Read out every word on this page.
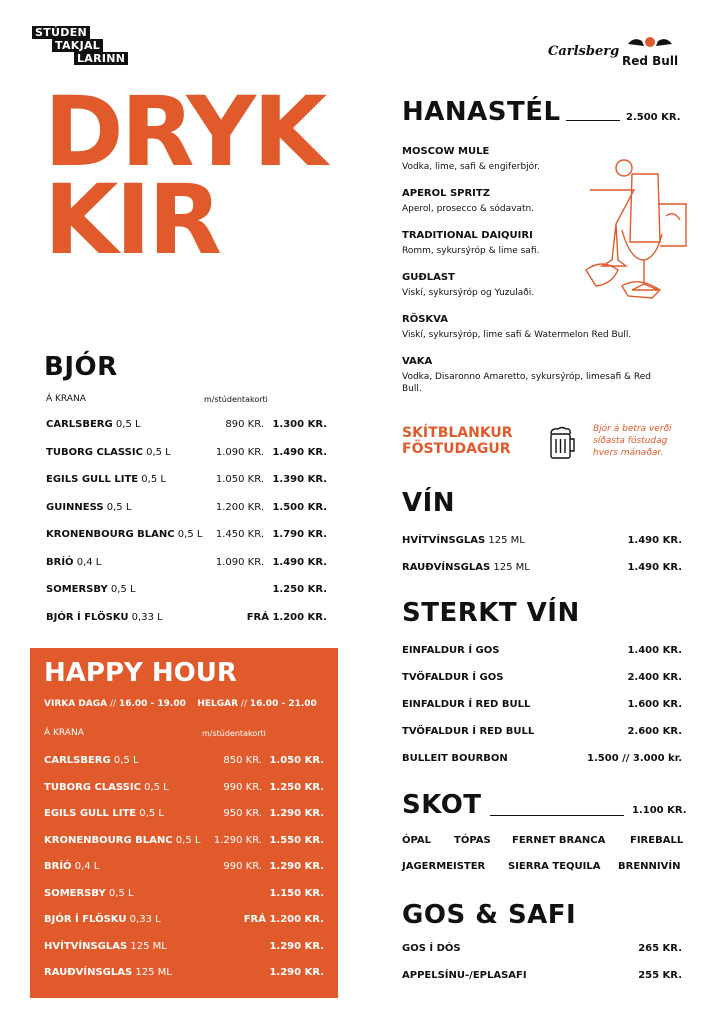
STÚDEN
TAKJAL
LARINN	Carlsberg
Red Bull
DRYK
KIR
BJÓR
Á KRANA	m/stúdentakorti
CARLSBERG 0,5 L	890 KR. 1.300 KR.
TUBORG CLASSIC 0,5 L	1.090 KR. 1.490 KR.
EGILS GULL LITE 0,5 L	1.050 KR. 1.390 KR.
GUINNESS 0,5 L	1.200 KR. 1.500 KR.
KRONENBOURG BLANC 0,5 L 1.450 KR. 1.790 KR.
BRÍÓ 0,4 L	1.090 KR. 1.490 KR.
SOMERSBY 0,5 L	1.250 KR.
BJÓR Í FLÖSKU 0,33 L	FRÁ 1.200 KR.
HAPPY HOUR
VIRKA DAGA // 16.00 - 19.00 HELGAR // 16.00 - 21.00
Á KRANA	m/stúdentakorti
CARLSBERG 0,5 L	850 KR. 1.050 KR.
TUBORG CLASSIC 0,5 L	990 KR. 1.250 KR.
EGILS GULL LITE 0,5 L	950 KR. 1.290 KR.
KRONENBOURG BLANC 0,5 L 1.290 KR. 1.550 KR.
BRÍÓ 0,4 L	990 KR. 1.290 KR.
SOMERSBY 0,5 L	1.150 KR.
BJÓR Í FLÖSKU 0,33 L	FRÁ 1.200 KR.
HVÍTVÍNSGLAS 125 ML	1.290 KR.
RAUÐVÍNSGLAS 125 ML	1.290 KR.
HANASTÉL	2.500 KR.
MOSCOW MULE
Vodka, lime, safi & engiferbjór.
APEROL SPRITZ
Aperol, prosecco & sódavatn.
TRADITIONAL DAIQUIRI
Romm, sykursýróp & lime safi.
GUÐLAST
Viskí, sykursýróp og Yuzulaði.
RÖSKVA
Viskí, sykursýróp, lime safi & Watermelon Red Bull.
VAKA
Vodka, Disaronno Amaretto, sykursýróp, limesafi & Red Bull.
SKÍTBLANKUR
FÖSTUDAGUR
Bjór á betra verði
síðasta föstudag
hvers mánaðar.
VÍN
HVÍTVÍNSGLAS 125 ML	1.490 KR.
RAUÐVÍNSGLAS 125 ML	1.490 KR.
STERKT VÍN
EINFALDUR Í GOS	1.400 KR.
TVÖFALDUR Í GOS	2.400 KR.
EINFALDUR Í RED BULL	1.600 KR.
TVÖFALDUR Í RED BULL	2.600 KR.
BULLEIT BOURBON	1.500 // 3.000 kr.
SKOT	1.100 KR.
ÓPAL TÓPAS FERNET BRANCA FIREBALL
JAGERMEISTER SIERRA TEQUILA BRENNIVÍN
GOS & SAFI
GOS Í DÓS	265 KR.
APPELSÍNU-/EPLASAFI	255 KR.
